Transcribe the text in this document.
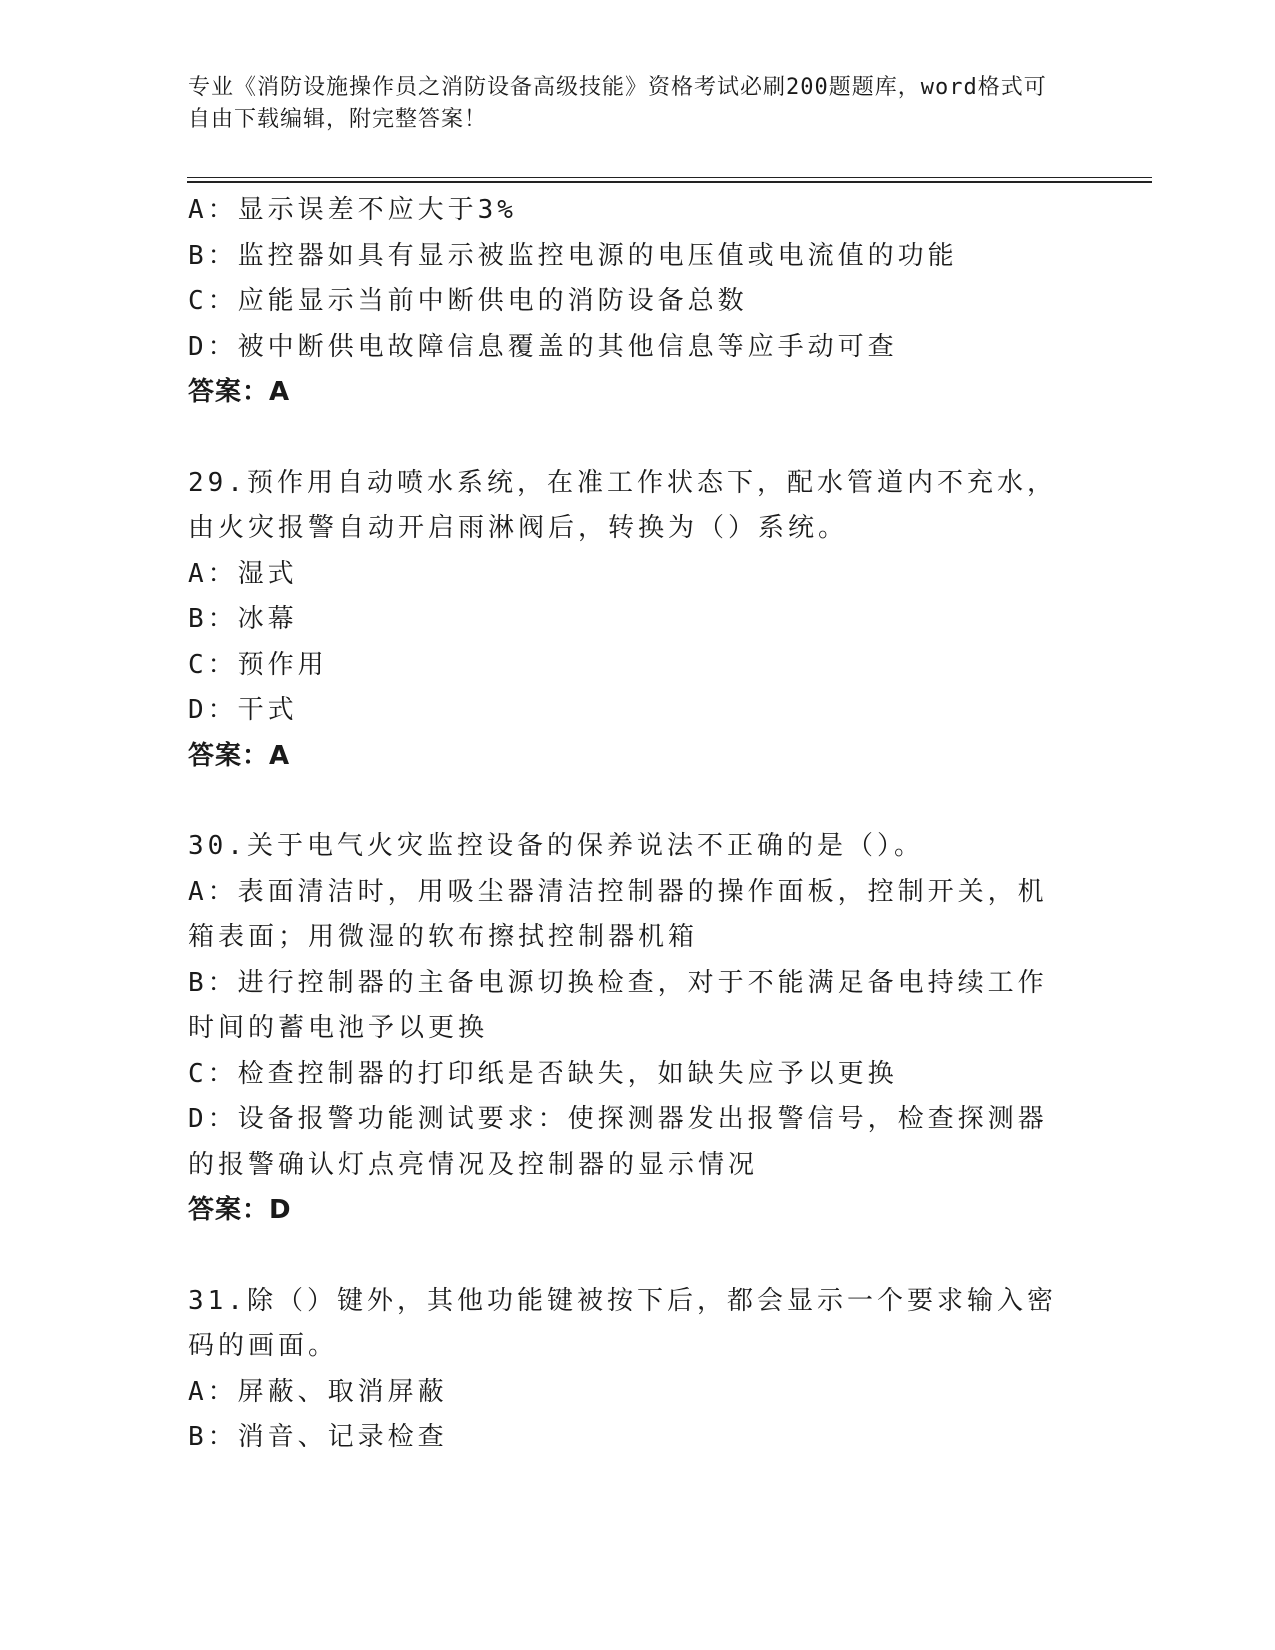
专业《消防设施操作员之消防设备高级技能》资格考试必刷200题题库，word格式可自由下载编辑，附完整答案！
A：显示误差不应大于3%
B：监控器如具有显示被监控电源的电压值或电流值的功能
C：应能显示当前中断供电的消防设备总数
D：被中断供电故障信息覆盖的其他信息等应手动可查
答案：A
29.预作用自动喷水系统，在准工作状态下，配水管道内不充水，由火灾报警自动开启雨淋阀后，转换为（）系统。
A：湿式
B：冰幕
C：预作用
D：干式
答案：A
30.关于电气火灾监控设备的保养说法不正确的是（）。
A：表面清洁时，用吸尘器清洁控制器的操作面板，控制开关，机箱表面；用微湿的软布擦拭控制器机箱
B：进行控制器的主备电源切换检查，对于不能满足备电持续工作时间的蓄电池予以更换
C：检查控制器的打印纸是否缺失，如缺失应予以更换
D：设备报警功能测试要求：使探测器发出报警信号，检查探测器的报警确认灯点亮情况及控制器的显示情况
答案：D
31.除（）键外，其他功能键被按下后，都会显示一个要求输入密码的画面。
A：屏蔽、取消屏蔽
B：消音、记录检查
